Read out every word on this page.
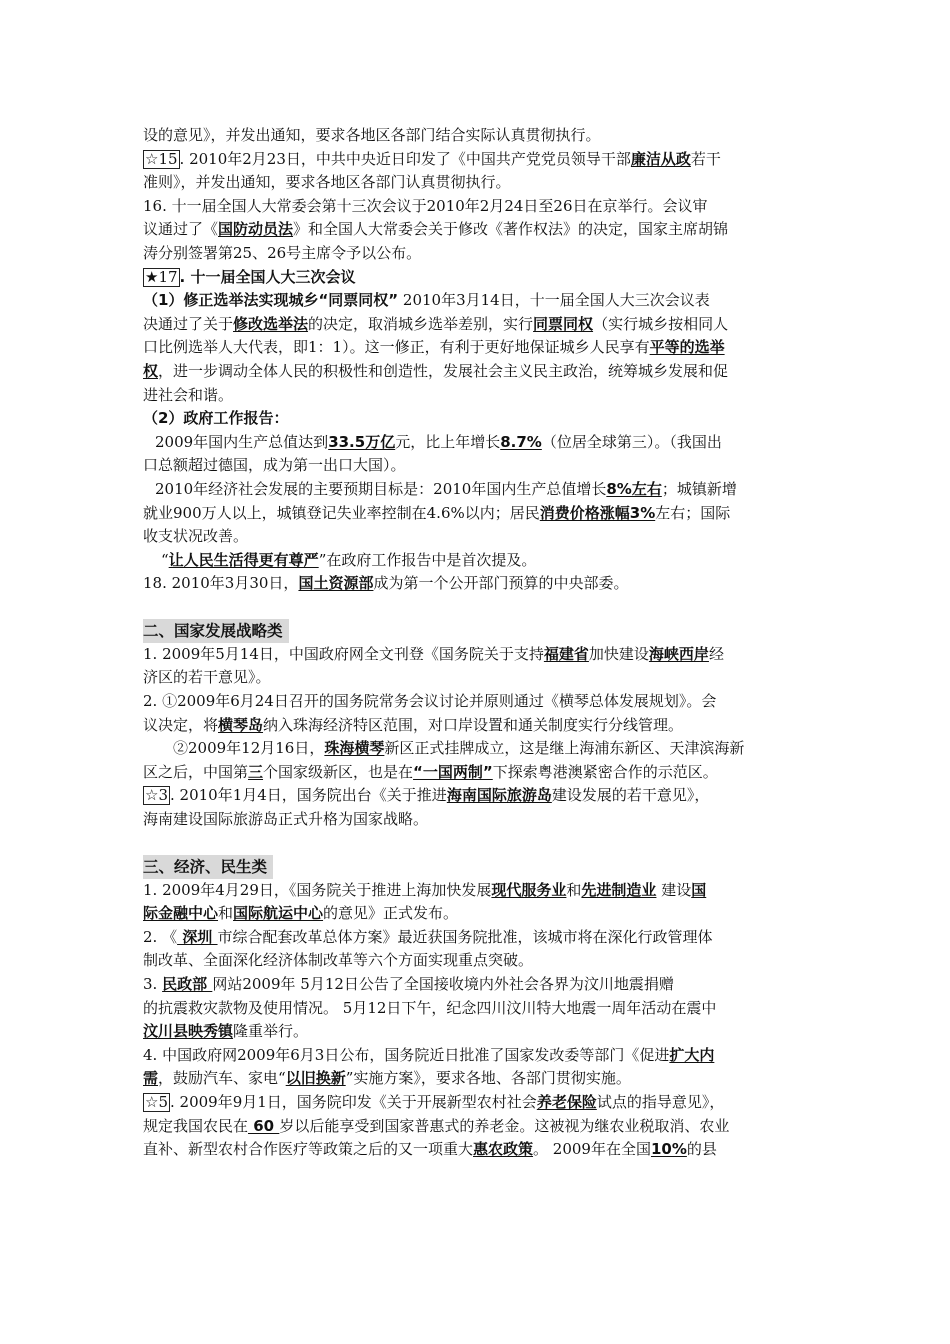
设的意见》，并发出通知，要求各地区各部门结合实际认真贯彻执行。
☆15 . 2010年2月23日，中共中央近日印发了《中国共产党党员领导干部廉洁从政若干
准则》，并发出通知，要求各地区各部门认真贯彻执行。
16. 十一届全国人大常委会第十三次会议于2010年2月24日至26日在京举行。会议审
议通过了《国防动员法》和全国人大常委会关于修改《著作权法》的决定，国家主席胡锦
涛分别签署第25、26号主席令予以公布。
★17 . 十一届全国人大三次会议
（1）修正选举法实现城乡“同票同权” 2010年3月14日，十一届全国人大三次会议表
决通过了关于修改选举法的决定，取消城乡选举差别，实行同票同权（实行城乡按相同人
口比例选举人大代表，即1：1）。这一修正，有利于更好地保证城乡人民享有平等的选举
权，进一步调动全体人民的积极性和创造性，发展社会主义民主政治，统筹城乡发展和促
进社会和谐。
（2）政府工作报告：
2009年国内生产总值达到33.5万亿元，比上年增长8.7%（位居全球第三）。（我国出
口总额超过德国，成为第一出口大国）。
2010年经济社会发展的主要预期目标是：2010年国内生产总值增长8%左右；城镇新增
就业900万人以上，城镇登记失业率控制在4.6%以内；居民消费价格涨幅3%左右；国际
收支状况改善。
“让人民生活得更有尊严”在政府工作报告中是首次提及。
18. 2010年3月30日，国土资源部成为第一个公开部门预算的中央部委。
二、国家发展战略类
1. 2009年5月14日，中国政府网全文刊登《国务院关于支持福建省加快建设海峡西岸经
济区的若干意见》。
2. ①2009年6月24日召开的国务院常务会议讨论并原则通过《横琴总体发展规划》。会
议决定，将横琴岛纳入珠海经济特区范围，对口岸设置和通关制度实行分线管理。
②2009年12月16日，珠海横琴新区正式挂牌成立，这是继上海浦东新区、天津滨海新
区之后，中国第三个国家级新区，也是在“一国两制”下探索粤港澳紧密合作的示范区。
☆3 . 2010年1月4日，国务院出台《关于推进海南国际旅游岛建设发展的若干意见》，
海南建设国际旅游岛正式升格为国家战略。
三、经济、民生类
1. 2009年4月29日，《国务院关于推进上海加快发展现代服务业和先进制造业 建设国
际金融中心和国际航运中心的意见》正式发布。
2. 《 深圳 市综合配套改革总体方案》最近获国务院批准，该城市将在深化行政管理体
制改革、全面深化经济体制改革等六个方面实现重点突破。
3. 民政部 网站2009年 5月12日公告了全国接收境内外社会各界为汶川地震捐赠
的抗震救灾款物及使用情况。 5月12日下午，纪念四川汶川特大地震一周年活动在震中
汶川县映秀镇隆重举行。
4. 中国政府网2009年6月3日公布，国务院近日批准了国家发改委等部门《促进扩大内
需，鼓励汽车、家电“以旧换新”实施方案》，要求各地、各部门贯彻实施。
☆5 . 2009年9月1日，国务院印发《关于开展新型农村社会养老保险试点的指导意见》，
规定我国农民在 60 岁以后能享受到国家普惠式的养老金。这被视为继农业税取消、农业
直补、新型农村合作医疗等政策之后的又一项重大惠农政策。 2009年在全国10%的县
